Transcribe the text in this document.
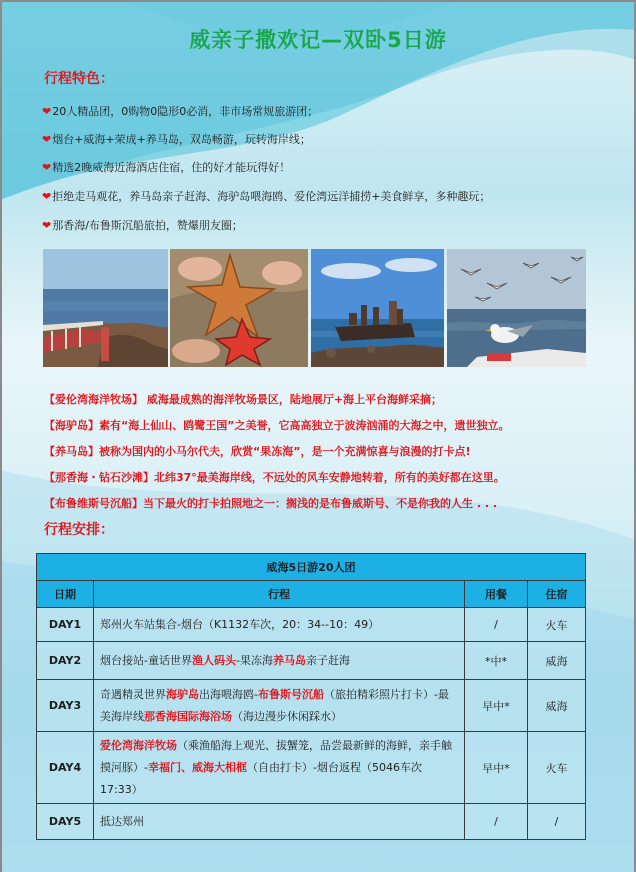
威亲子撒欢记—双卧5日游
行程特色：
❤20人精品团，0购物0隐形0必消，非市场常规旅游团；
❤烟台+威海+荣成+养马岛，双岛畅游，玩转海岸线；
❤精选2晚威海近海酒店住宿，住的好才能玩得好！
❤拒绝走马观花，养马岛亲子赶海、海驴岛喂海鸥、爱伦湾远洋捕捞+美食鲜享，多种趣玩；
❤那香海/布鲁斯沉船旅拍，赞爆朋友圈；
【爱伦湾海洋牧场】 威海最成熟的海洋牧场景区，陆地展厅+海上平台海鲜采摘；
【海驴岛】素有“海上仙山、鸥鹭王国”之美誉，它高高独立于波涛汹涌的大海之中，遗世独立。
【养马岛】被称为国内的小马尔代夫，欣赏“果冻海”，是一个充满惊喜与浪漫的打卡点!
【那香海・钻石沙滩】北纬37°最美海岸线，不远处的风车安静地转着，所有的美好都在这里。
【布鲁维斯号沉船】当下最火的打卡拍照地之一：搁浅的是布鲁威斯号、不是你我的人生 . . .
行程安排：
威海5日游20人团			
日期	行程	用餐	住宿
DAY1	郑州火车站集合-烟台（K1132车次，20：34--10：49）	/	火车
DAY2	烟台接站-童话世界渔人码头-果冻海养马岛亲子赶海	*中*	威海
DAY3	奇遇精灵世界海驴岛出海喂海鸥-布鲁斯号沉船（旅拍精彩照片打卡）-最美海岸线那香海国际海浴场（海边漫步休闲踩水）	早中*	威海
DAY4	爱伦湾海洋牧场（乘渔船海上观光、拔蟹笼，品尝最新鲜的海鲜，亲手触摸河豚）-幸福门、威海大相框（自由打卡）-烟台返程（5046车次17:33）	早中*	火车
DAY5	抵达郑州	/	/
